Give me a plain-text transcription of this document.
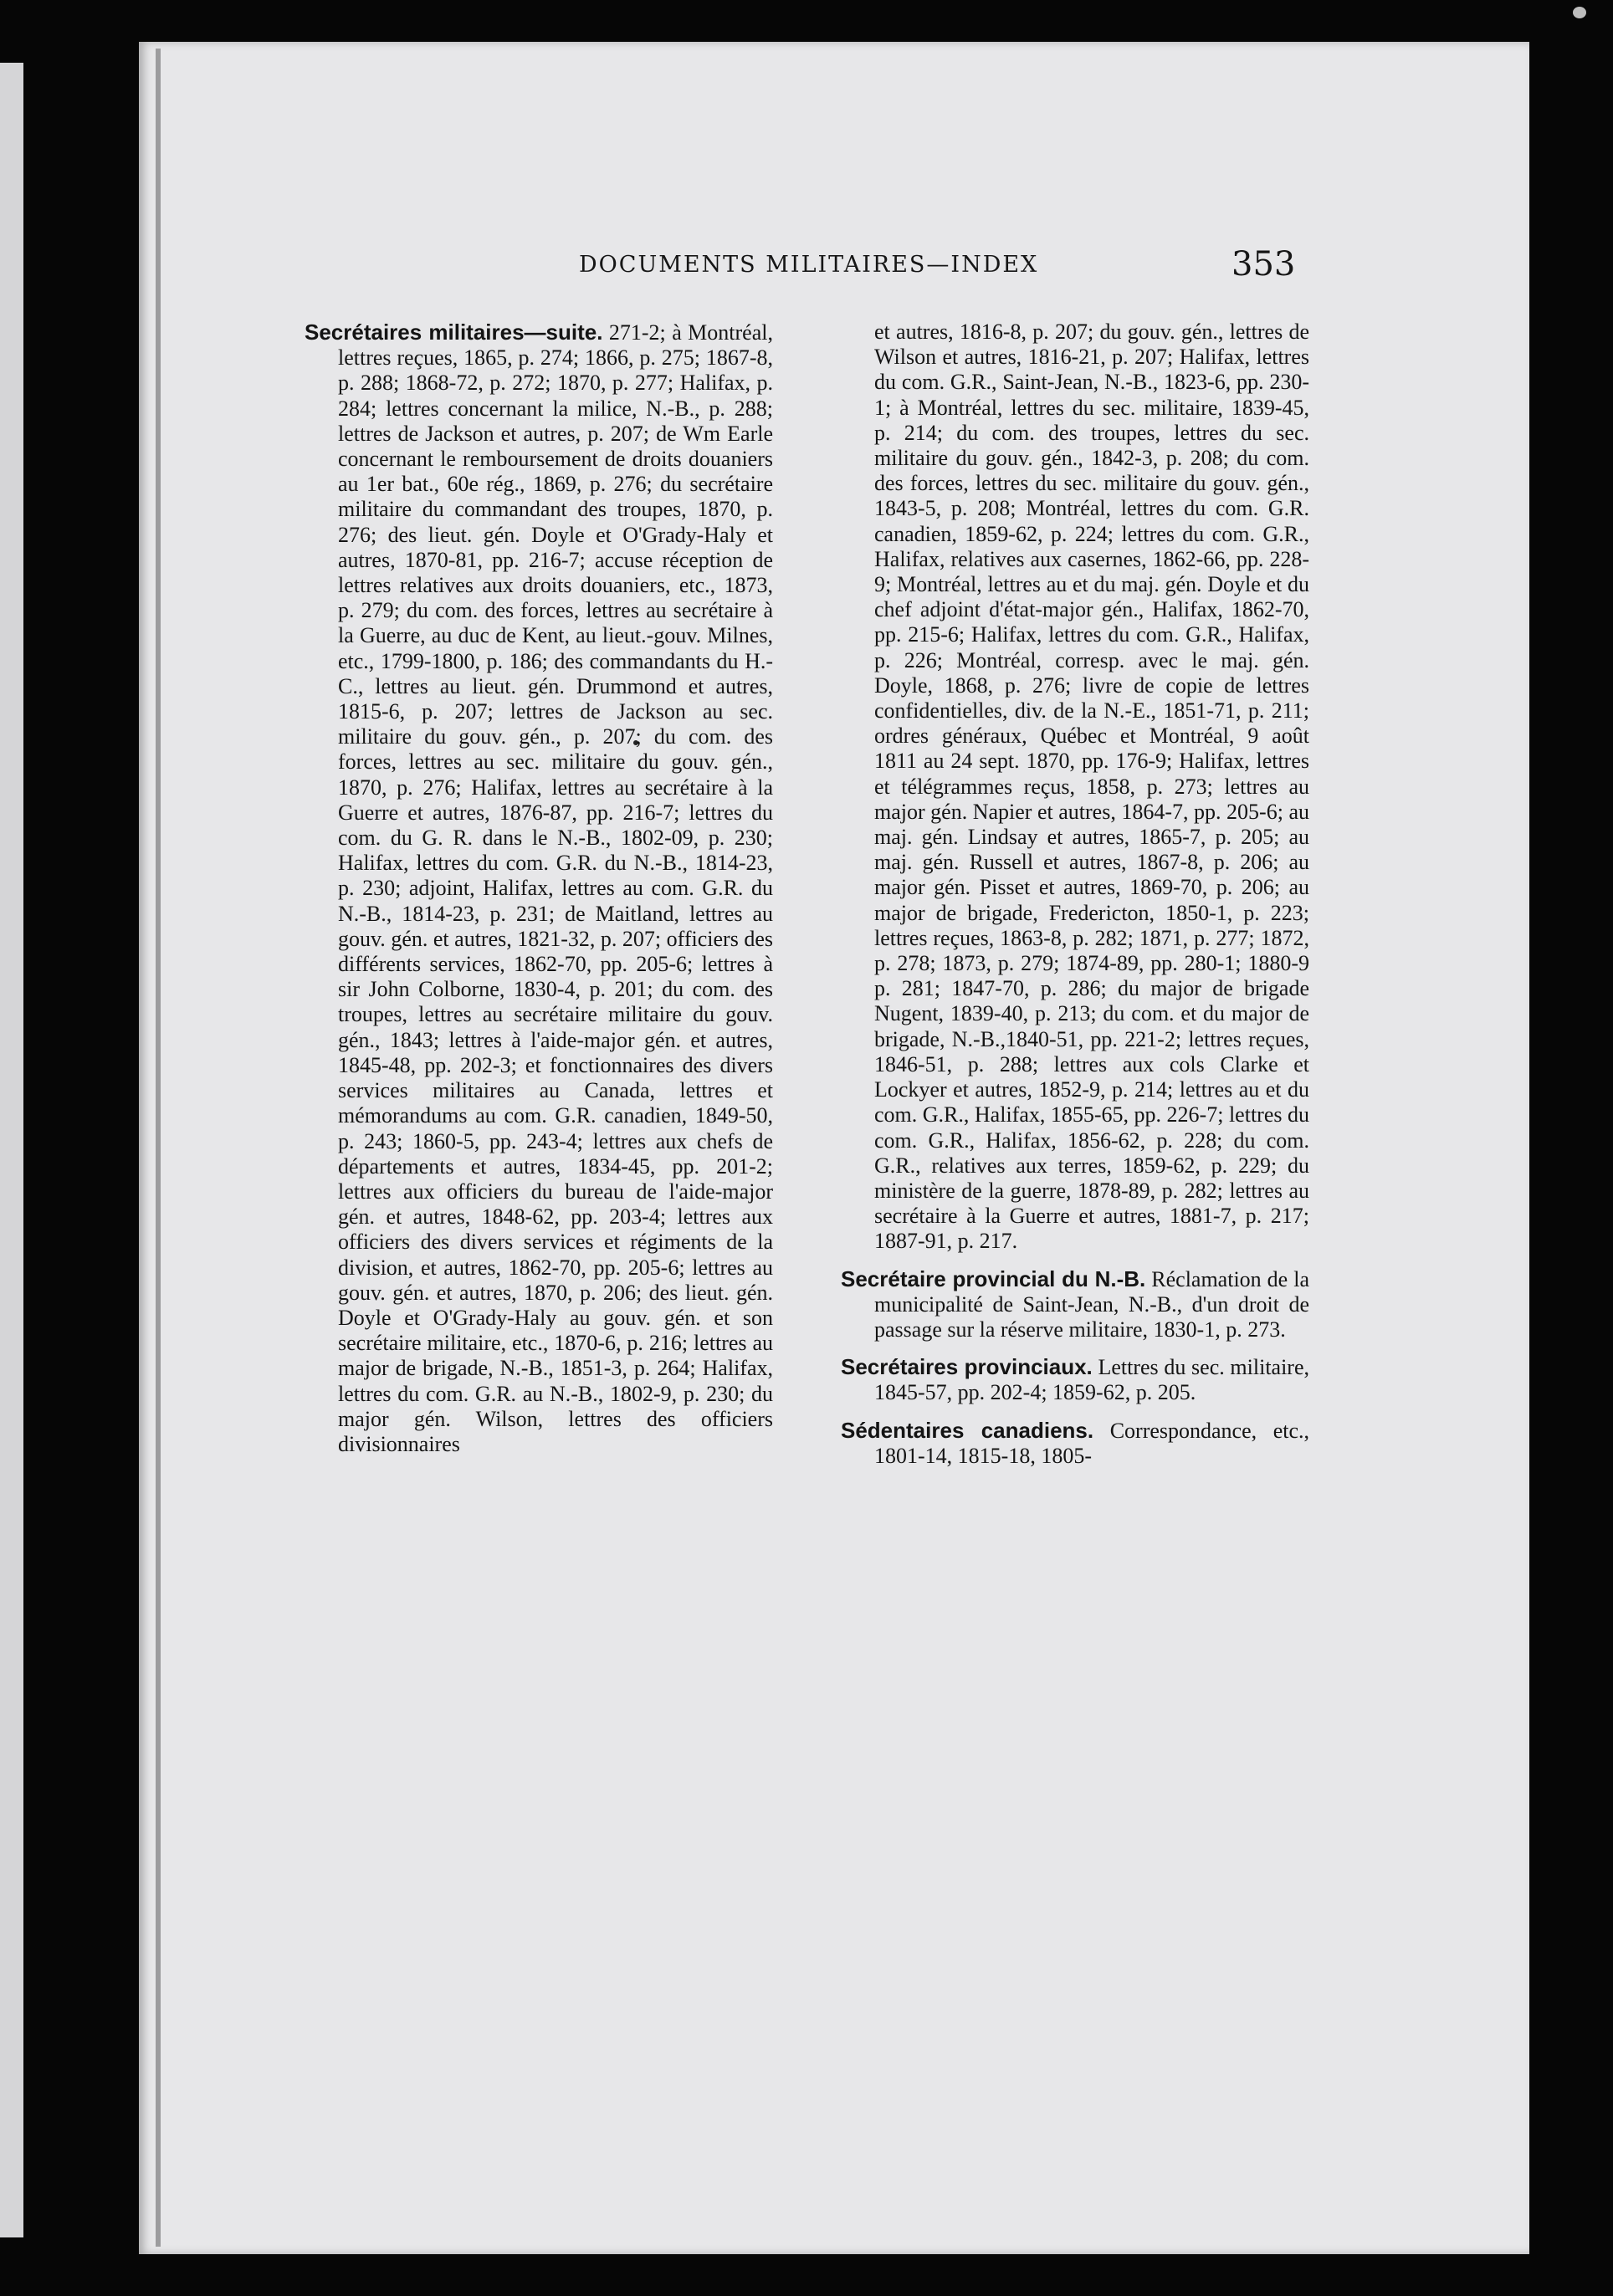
DOCUMENTS MILITAIRES—INDEX	353

Secrétaires militaires—suite. 271-2; à Montréal, lettres reçues, 1865, p. 274; 1866, p. 275; 1867-8, p. 288; 1868-72, p. 272; 1870, p. 277; Halifax, p. 284; lettres concernant la milice, N.-B., p. 288; lettres de Jackson et autres, p. 207; de Wm Earle concernant le remboursement de droits douaniers au 1er bat., 60e rég., 1869, p. 276; du secrétaire militaire du commandant des troupes, 1870, p. 276; des lieut. gén. Doyle et O'Grady-Haly et autres, 1870-81, pp. 216-7; accuse réception de lettres relatives aux droits douaniers, etc., 1873, p. 279; du com. des forces, lettres au secrétaire à la Guerre, au duc de Kent, au lieut.-gouv. Milnes, etc., 1799-1800, p. 186; des commandants du H.-C., lettres au lieut. gén. Drummond et autres, 1815-6, p. 207; lettres de Jackson au sec. militaire du gouv. gén., p. 207; du com. des forces, lettres au sec. militaire du gouv. gén., 1870, p. 276; Halifax, lettres au secrétaire à la Guerre et autres, 1876-87, pp. 216-7; lettres du com. du G. R. dans le N.-B., 1802-09, p. 230; Halifax, lettres du com. G.R. du N.-B., 1814-23, p. 230; adjoint, Halifax, lettres au com. G.R. du N.-B., 1814-23, p. 231; de Maitland, lettres au gouv. gén. et autres, 1821-32, p. 207; officiers des différents services, 1862-70, pp. 205-6; lettres à sir John Colborne, 1830-4, p. 201; du com. des troupes, lettres au secrétaire militaire du gouv. gén., 1843; lettres à l'aide-major gén. et autres, 1845-48, pp. 202-3; et fonctionnaires des divers services militaires au Canada, lettres et mémorandums au com. G.R. canadien, 1849-50, p. 243; 1860-5, pp. 243-4; lettres aux chefs de départements et autres, 1834-45, pp. 201-2; lettres aux officiers du bureau de l'aide-major gén. et autres, 1848-62, pp. 203-4; lettres aux officiers des divers services et régiments de la division, et autres, 1862-70, pp. 205-6; lettres au gouv. gén. et autres, 1870, p. 206; des lieut. gén. Doyle et O'Grady-Haly au gouv. gén. et son secrétaire militaire, etc., 1870-6, p. 216; lettres au major de brigade, N.-B., 1851-3, p. 264; Halifax, lettres du com. G.R. au N.-B., 1802-9, p. 230; du major gén. Wilson, lettres des officiers divisionnaires

et autres, 1816-8, p. 207; du gouv. gén., lettres de Wilson et autres, 1816-21, p. 207; Halifax, lettres du com. G.R., Saint-Jean, N.-B., 1823-6, pp. 230-1; à Montréal, lettres du sec. militaire, 1839-45, p. 214; du com. des troupes, lettres du sec. militaire du gouv. gén., 1842-3, p. 208; du com. des forces, lettres du sec. militaire du gouv. gén., 1843-5, p. 208; Montréal, lettres du com. G.R. canadien, 1859-62, p. 224; lettres du com. G.R., Halifax, relatives aux casernes, 1862-66, pp. 228-9; Montréal, lettres au et du maj. gén. Doyle et du chef adjoint d'état-major gén., Halifax, 1862-70, pp. 215-6; Halifax, lettres du com. G.R., Halifax, p. 226; Montréal, corresp. avec le maj. gén. Doyle, 1868, p. 276; livre de copie de lettres confidentielles, div. de la N.-E., 1851-71, p. 211; ordres généraux, Québec et Montréal, 9 août 1811 au 24 sept. 1870, pp. 176-9; Halifax, lettres et télégrammes reçus, 1858, p. 273; lettres au major gén. Napier et autres, 1864-7, pp. 205-6; au maj. gén. Lindsay et autres, 1865-7, p. 205; au maj. gén. Russell et autres, 1867-8, p. 206; au major gén. Pisset et autres, 1869-70, p. 206; au major de brigade, Fredericton, 1850-1, p. 223; lettres reçues, 1863-8, p. 282; 1871, p. 277; 1872, p. 278; 1873, p. 279; 1874-89, pp. 280-1; 1880-9 p. 281; 1847-70, p. 286; du major de brigade Nugent, 1839-40, p. 213; du com. et du major de brigade, N.-B.,1840-51, pp. 221-2; lettres reçues, 1846-51, p. 288; lettres aux cols Clarke et Lockyer et autres, 1852-9, p. 214; lettres au et du com. G.R., Halifax, 1855-65, pp. 226-7; lettres du com. G.R., Halifax, 1856-62, p. 228; du com. G.R., relatives aux terres, 1859-62, p. 229; du ministère de la guerre, 1878-89, p. 282; lettres au secrétaire à la Guerre et autres, 1881-7, p. 217; 1887-91, p. 217.

Secrétaire provincial du N.-B. Réclamation de la municipalité de Saint-Jean, N.-B., d'un droit de passage sur la réserve militaire, 1830-1, p. 273.

Secrétaires provinciaux. Lettres du sec. militaire, 1845-57, pp. 202-4; 1859-62, p. 205.

Sédentaires canadiens. Correspondance, etc., 1801-14, 1815-18, 1805-
